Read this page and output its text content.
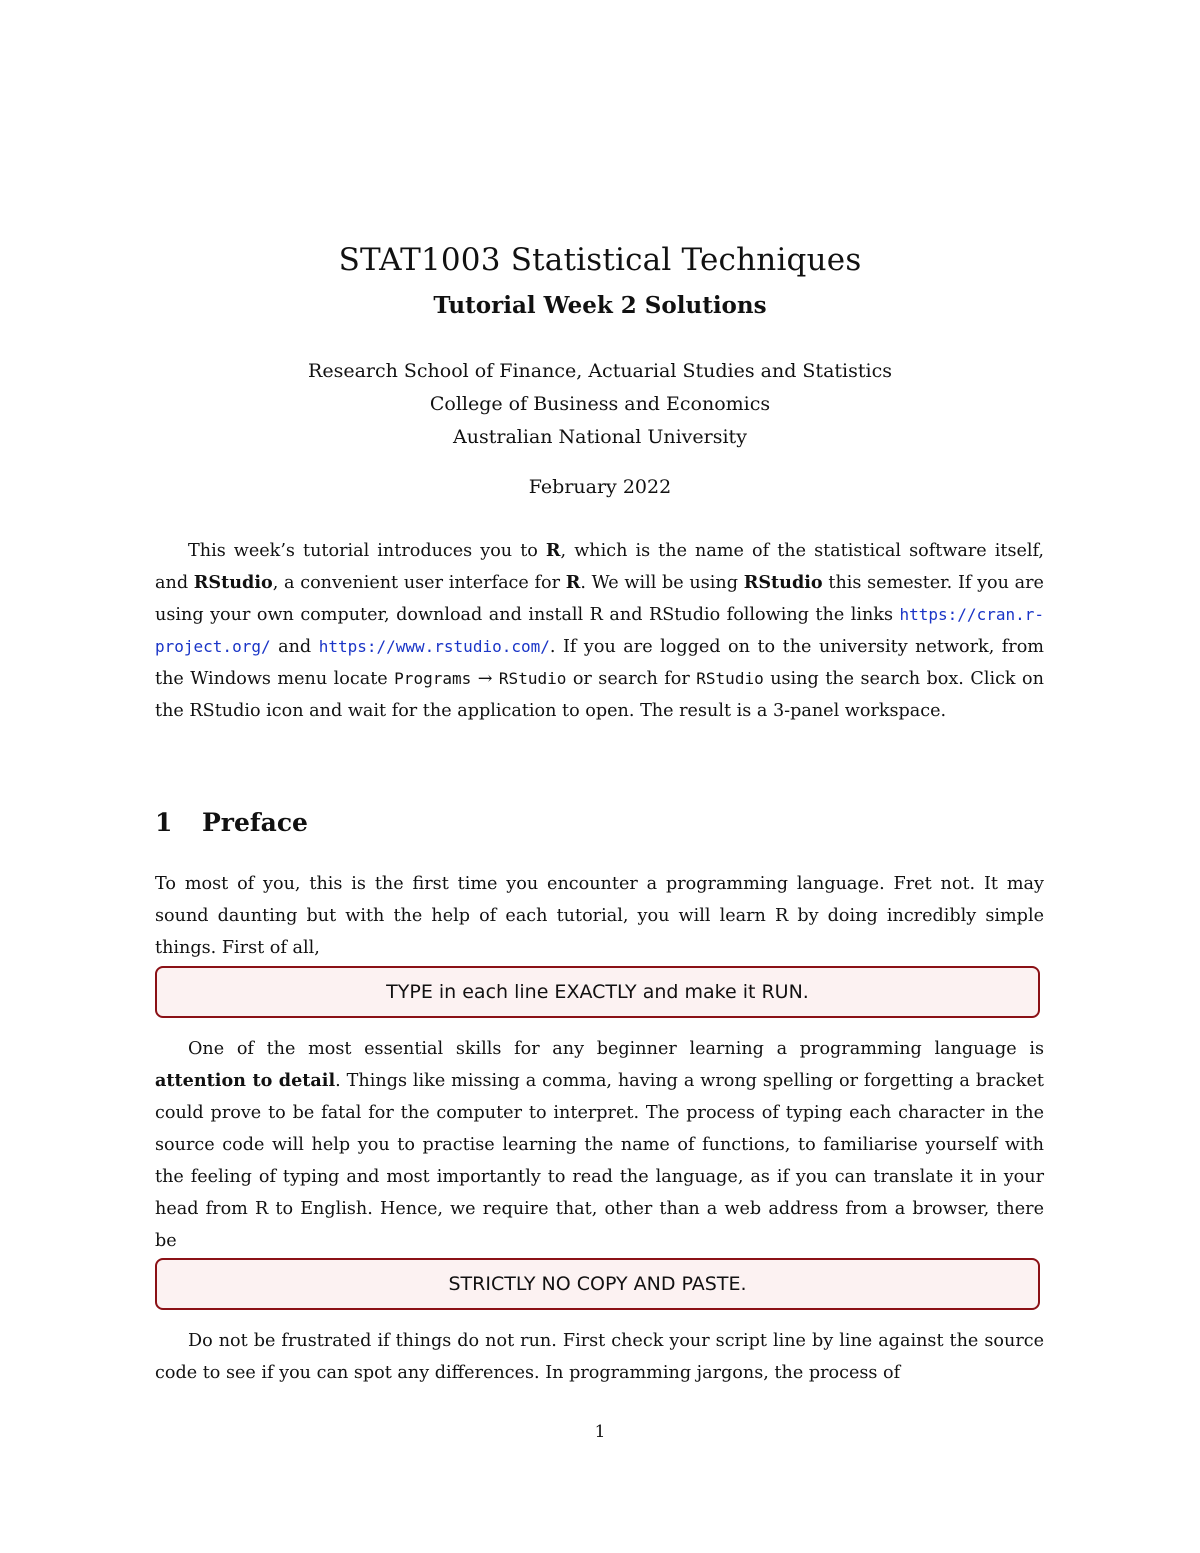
STAT1003 Statistical Techniques
Tutorial Week 2 Solutions
Research School of Finance, Actuarial Studies and Statistics
College of Business and Economics
Australian National University
February 2022

This week’s tutorial introduces you to R, which is the name of the statistical software itself, and RStudio, a convenient user interface for R. We will be using RStudio this semester. If you are using your own computer, download and install R and RStudio following the links https://cran.r-project.org/ and https://www.rstudio.com/. If you are logged on to the university network, from the Windows menu locate Programs → RStudio or search for RStudio using the search box. Click on the RStudio icon and wait for the application to open. The result is a 3-panel workspace.

1 Preface

To most of you, this is the first time you encounter a programming language. Fret not. It may sound daunting but with the help of each tutorial, you will learn R by doing incredibly simple things. First of all,

TYPE in each line EXACTLY and make it RUN.

One of the most essential skills for any beginner learning a programming language is attention to detail. Things like missing a comma, having a wrong spelling or forgetting a bracket could prove to be fatal for the computer to interpret. The process of typing each character in the source code will help you to practise learning the name of functions, to familiarise yourself with the feeling of typing and most importantly to read the language, as if you can translate it in your head from R to English. Hence, we require that, other than a web address from a browser, there be

STRICTLY NO COPY AND PASTE.

Do not be frustrated if things do not run. First check your script line by line against the source code to see if you can spot any differences. In programming jargons, the process of

1
